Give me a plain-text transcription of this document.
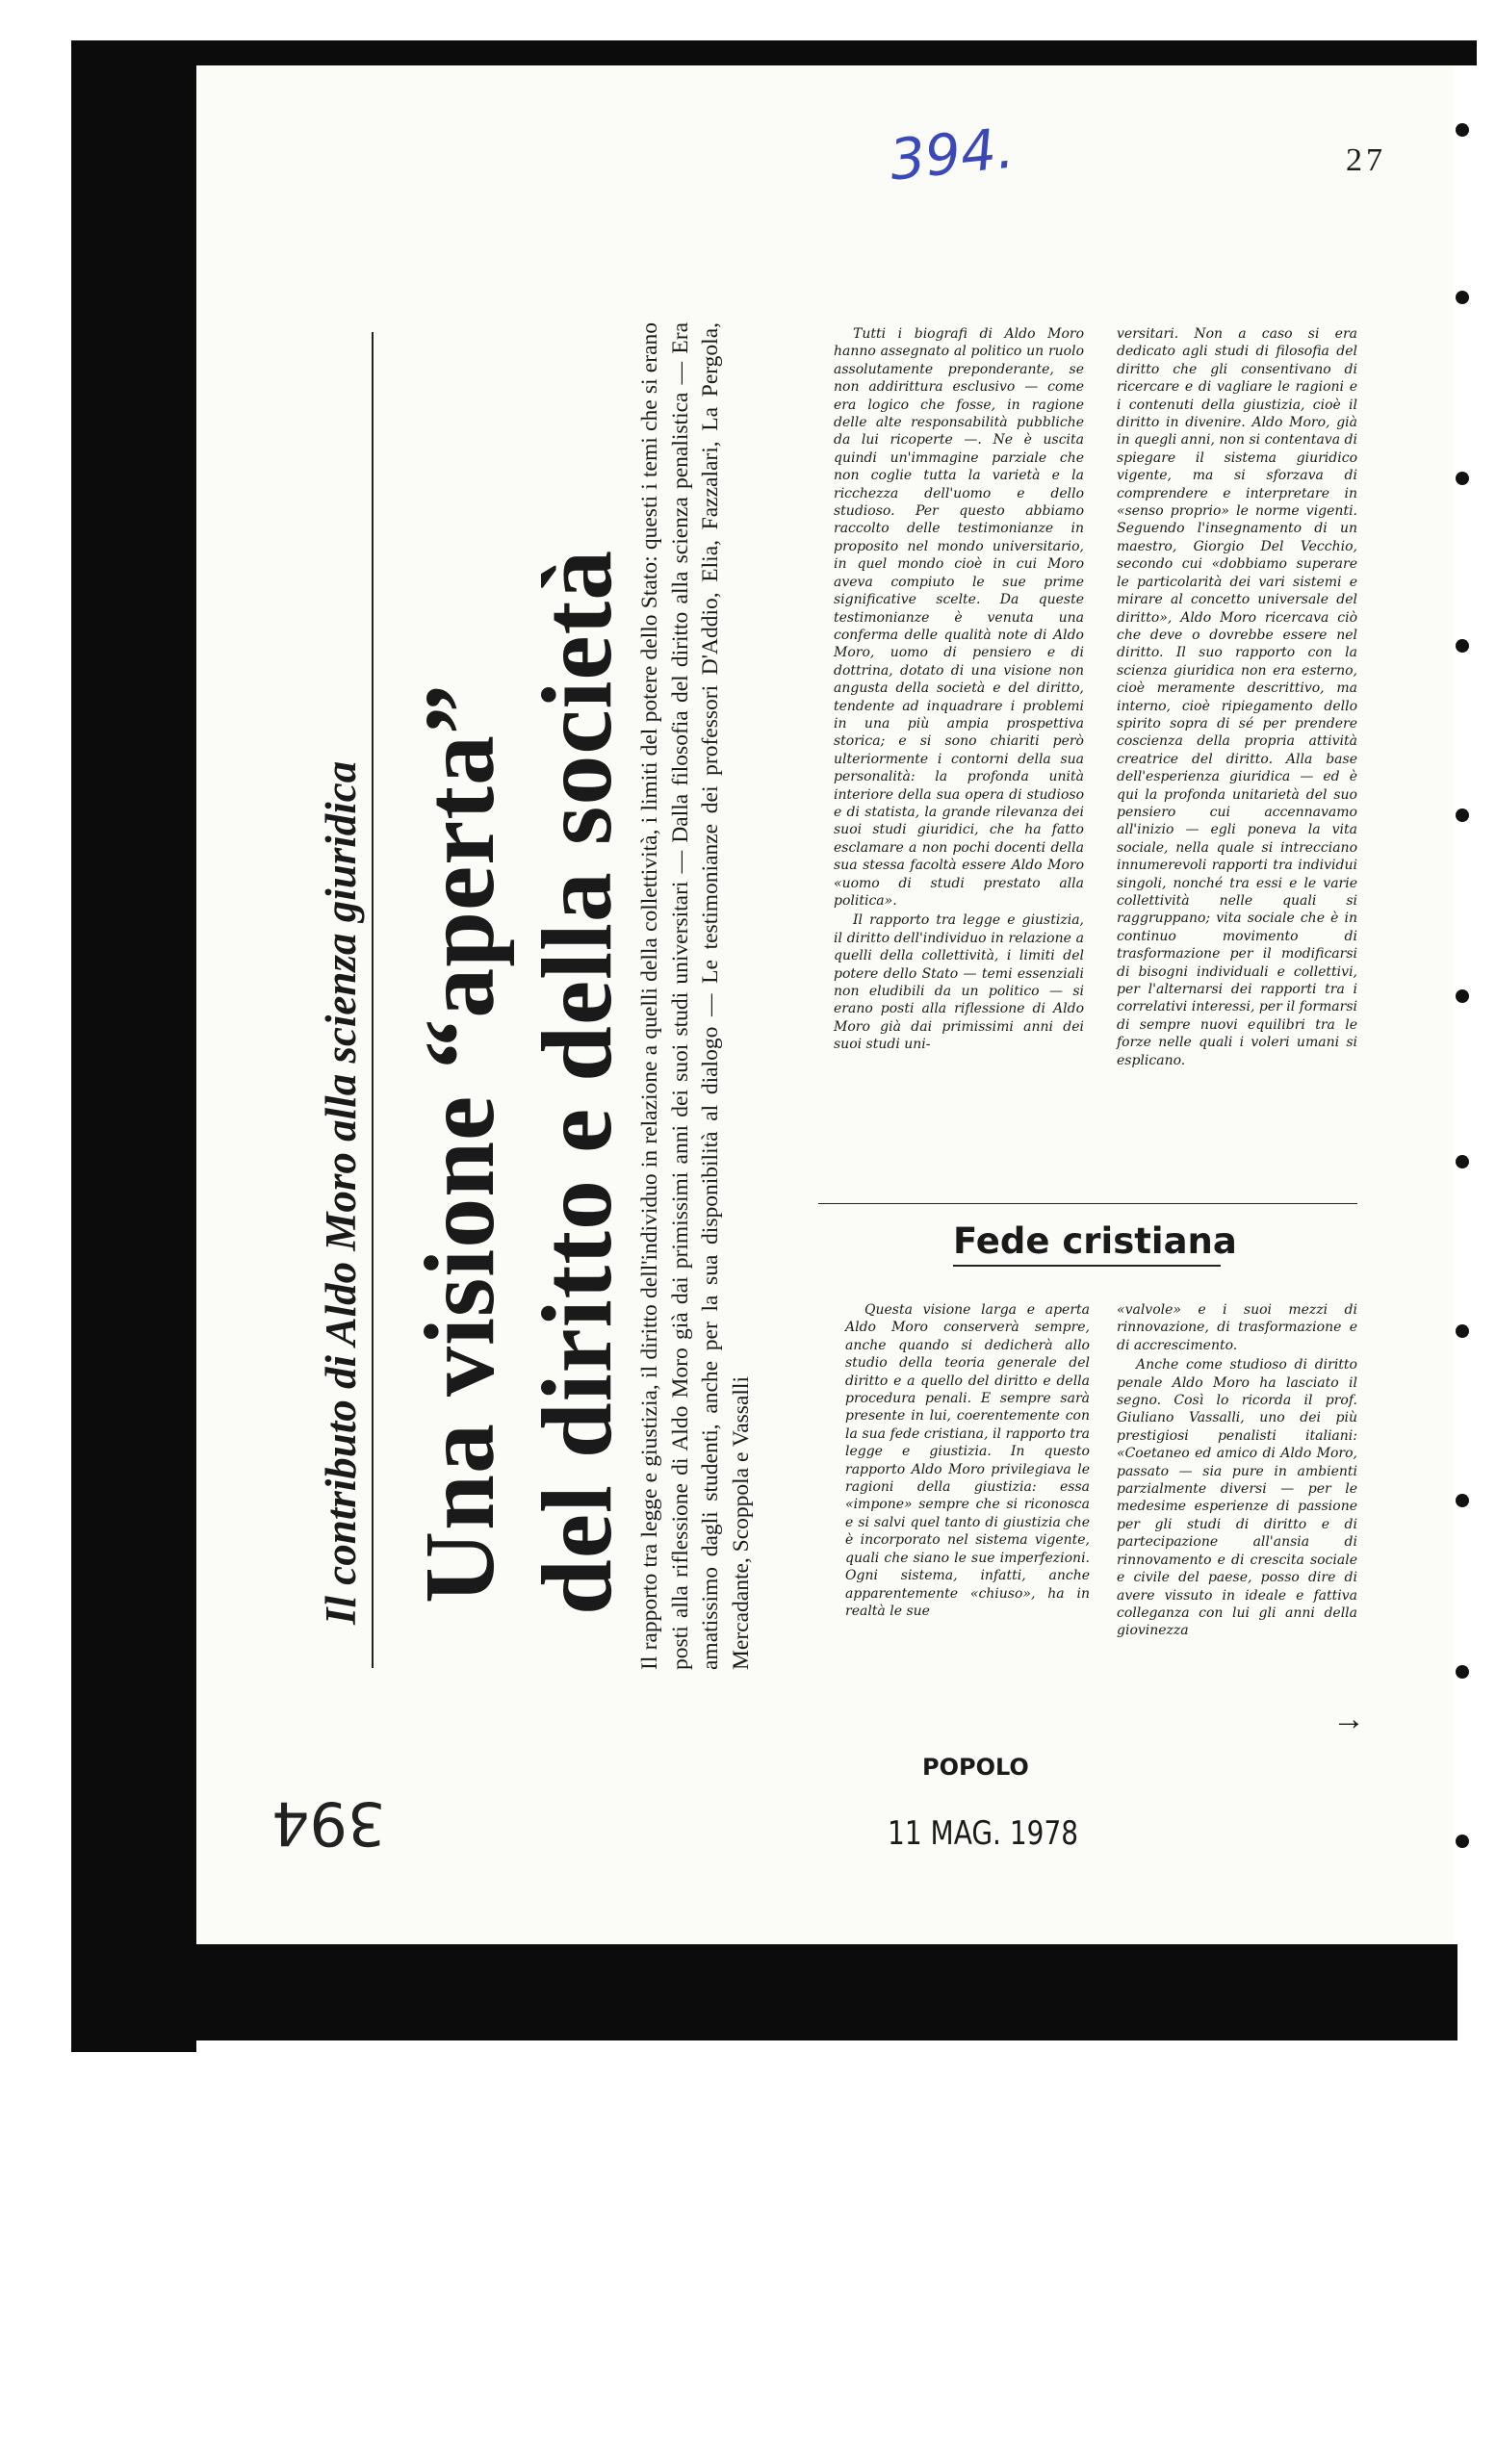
27
394.
394
Il contributo di Aldo Moro alla scienza giuridica Una visione “aperta” del diritto e della società Il rapporto tra legge e giustizia, il diritto dell'individuo in relazione a quelli della collettività, i limiti del potere dello Stato: questi i temi che si erano posti alla riflessione di Aldo Moro già dai primissimi anni dei suoi studi universitari — Dalla filosofia del diritto alla scienza penalistica — Era amatissimo dagli studenti, anche per la sua disponibilità al dialogo — Le testimonianze dei professori D'Addio, Elia, Fazzalari, La Pergola, Mercadante, Scoppola e Vassalli

Tutti i biografi di Aldo Moro hanno assegnato al politico un ruolo assolutamente preponderante, se non addirittura esclusivo — come era logico che fosse, in ragione delle alte responsabilità pubbliche da lui ricoperte —. Ne è uscita quindi un'immagine parziale che non coglie tutta la varietà e la ricchezza dell'uomo e dello studioso. Per questo abbiamo raccolto delle testimonianze in proposito nel mondo universitario, in quel mondo cioè in cui Moro aveva compiuto le sue prime significative scelte. Da queste testimonianze è venuta una conferma delle qualità note di Aldo Moro, uomo di pensiero e di dottrina, dotato di una visione non angusta della società e del diritto, tendente ad inquadrare i problemi in una più ampia prospettiva storica; e si sono chiariti però ulteriormente i contorni della sua personalità: la profonda unità interiore della sua opera di studioso e di statista, la grande rilevanza dei suoi studi giuridici, che ha fatto esclamare a non pochi docenti della sua stessa facoltà essere Aldo Moro «uomo di studi prestato alla politica».

Il rapporto tra legge e giustizia, il diritto dell'individuo in relazione a quelli della collettività, i limiti del potere dello Stato — temi essenziali non eludibili da un politico — si erano posti alla riflessione di Aldo Moro già dai primissimi anni dei suoi studi uni-

versitari. Non a caso si era dedicato agli studi di filosofia del diritto che gli consentivano di ricercare e di vagliare le ragioni e i contenuti della giustizia, cioè il diritto in divenire. Aldo Moro, già in quegli anni, non si contentava di spiegare il sistema giuridico vigente, ma si sforzava di comprendere e interpretare in «senso proprio» le norme vigenti. Seguendo l'insegnamento di un maestro, Giorgio Del Vecchio, secondo cui «dobbiamo superare le particolarità dei vari sistemi e mirare al concetto universale del diritto», Aldo Moro ricercava ciò che deve o dovrebbe essere nel diritto. Il suo rapporto con la scienza giuridica non era esterno, cioè meramente descrittivo, ma interno, cioè ripiegamento dello spirito sopra di sé per prendere coscienza della propria attività creatrice del diritto. Alla base dell'esperienza giuridica — ed è qui la profonda unitarietà del suo pensiero cui accennavamo all'inizio — egli poneva la vita sociale, nella quale si intrecciano innumerevoli rapporti tra individui singoli, nonché tra essi e le varie collettività nelle quali si raggruppano; vita sociale che è in continuo movimento di trasformazione per il modificarsi di bisogni individuali e collettivi, per l'alternarsi dei rapporti tra i correlativi interessi, per il formarsi di sempre nuovi equilibri tra le forze nelle quali i voleri umani si esplicano.

Fede cristiana

Questa visione larga e aperta Aldo Moro conserverà sempre, anche quando si dedicherà allo studio della teoria generale del diritto e a quello del diritto e della procedura penali. E sempre sarà presente in lui, coerentemente con la sua fede cristiana, il rapporto tra legge e giustizia. In questo rapporto Aldo Moro privilegiava le ragioni della giustizia: essa «impone» sempre che si riconosca e si salvi quel tanto di giustizia che è incorporato nel sistema vigente, quali che siano le sue imperfezioni. Ogni sistema, infatti, anche apparentemente «chiuso», ha in realtà le sue

«valvole» e i suoi mezzi di rinnovazione, di trasformazione e di accrescimento.

Anche come studioso di diritto penale Aldo Moro ha lasciato il segno. Così lo ricorda il prof. Giuliano Vassalli, uno dei più prestigiosi penalisti italiani: «Coetaneo ed amico di Aldo Moro, passato — sia pure in ambienti parzialmente diversi — per le medesime esperienze di passione per gli studi di diritto e di partecipazione all'ansia di rinnovamento e di crescita sociale e civile del paese, posso dire di avere vissuto in ideale e fattiva colleganza con lui gli anni della giovinezza

→
POPOLO
11 MAG. 1978
